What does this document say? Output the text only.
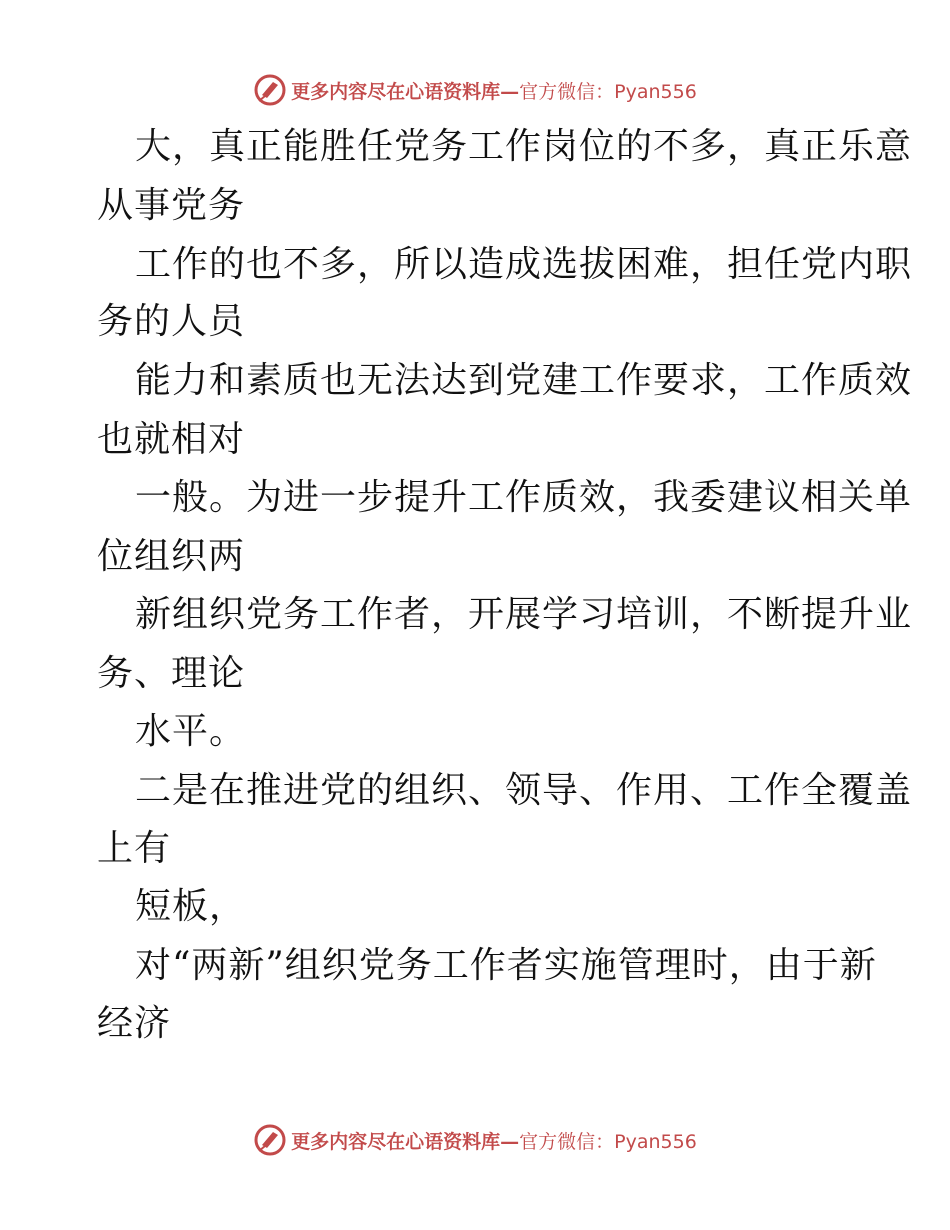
更多内容尽在心语资料库— 官方微信：Pyan556
大，真正能胜任党务工作岗位的不多，真正乐意
从事党务
工作的也不多，所以造成选拔困难，担任党内职
务的人员
能力和素质也无法达到党建工作要求，工作质效
也就相对
一般。为进一步提升工作质效，我委建议相关单
位组织两
新组织党务工作者，开展学习培训，不断提升业
务、理论
水平。
二是在推进党的组织、领导、作用、工作全覆盖
上有
短板，
对“两新”组织党务工作者实施管理时，由于新
经济
更多内容尽在心语资料库— 官方微信：Pyan556
